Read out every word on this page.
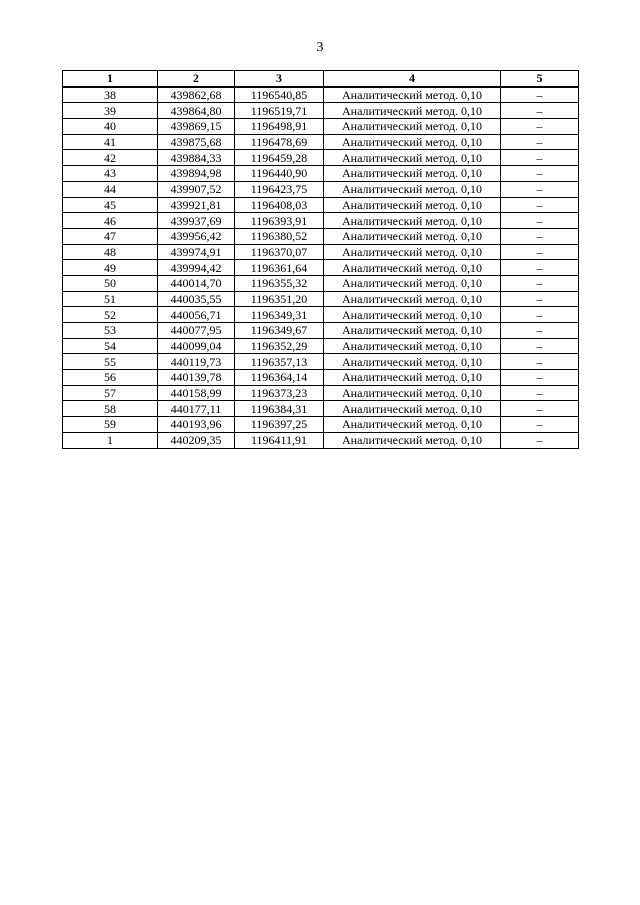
3
1	2	3	4	5
38	439862,68	1196540,85	Аналитический метод. 0,10	–
39	439864,80	1196519,71	Аналитический метод. 0,10	–
40	439869,15	1196498,91	Аналитический метод. 0,10	–
41	439875,68	1196478,69	Аналитический метод. 0,10	–
42	439884,33	1196459,28	Аналитический метод. 0,10	–
43	439894,98	1196440,90	Аналитический метод. 0,10	–
44	439907,52	1196423,75	Аналитический метод. 0,10	–
45	439921,81	1196408,03	Аналитический метод. 0,10	–
46	439937,69	1196393,91	Аналитический метод. 0,10	–
47	439956,42	1196380,52	Аналитический метод. 0,10	–
48	439974,91	1196370,07	Аналитический метод. 0,10	–
49	439994,42	1196361,64	Аналитический метод. 0,10	–
50	440014,70	1196355,32	Аналитический метод. 0,10	–
51	440035,55	1196351,20	Аналитический метод. 0,10	–
52	440056,71	1196349,31	Аналитический метод. 0,10	–
53	440077,95	1196349,67	Аналитический метод. 0,10	–
54	440099,04	1196352,29	Аналитический метод. 0,10	–
55	440119,73	1196357,13	Аналитический метод. 0,10	–
56	440139,78	1196364,14	Аналитический метод. 0,10	–
57	440158,99	1196373,23	Аналитический метод. 0,10	–
58	440177,11	1196384,31	Аналитический метод. 0,10	–
59	440193,96	1196397,25	Аналитический метод. 0,10	–
1	440209,35	1196411,91	Аналитический метод. 0,10	–
